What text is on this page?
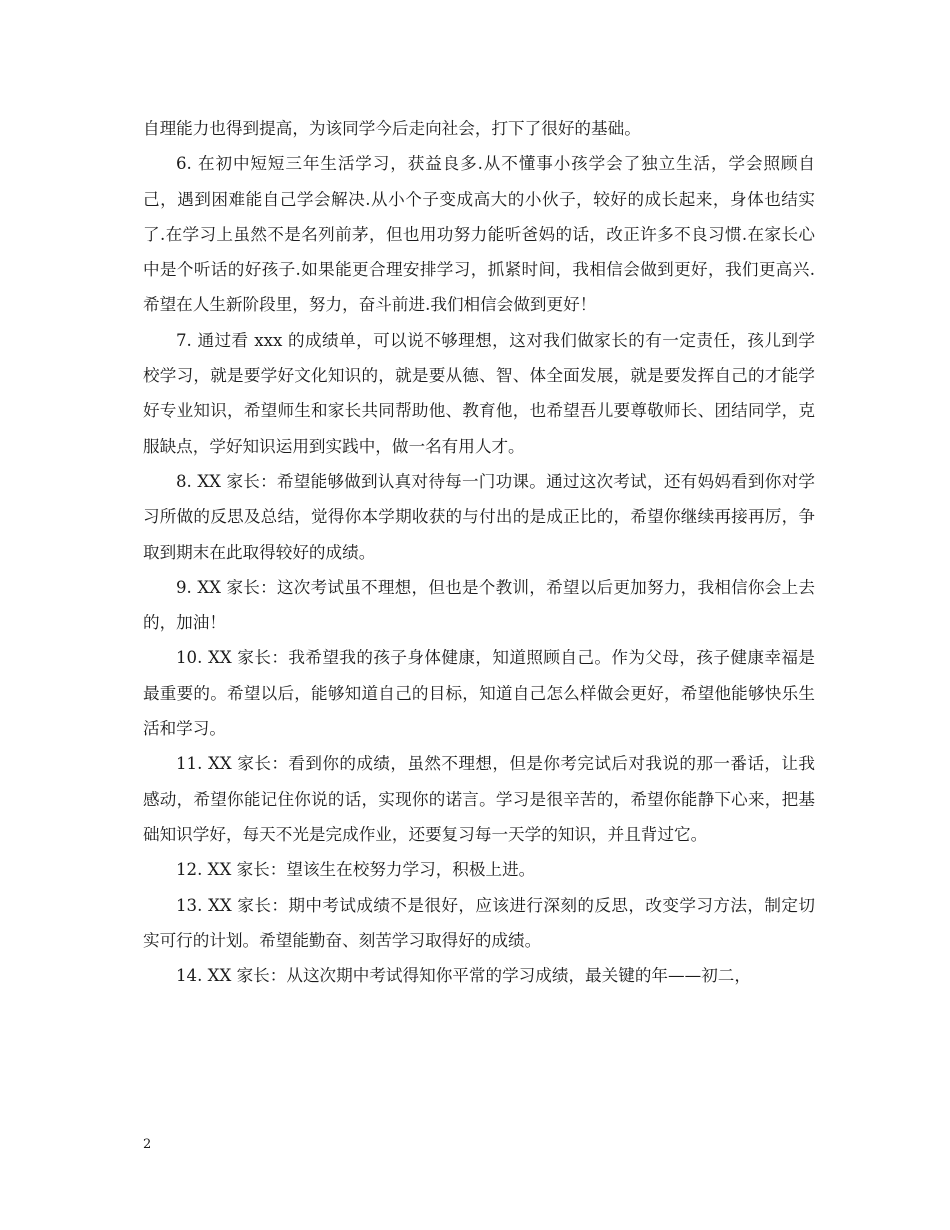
自理能力也得到提高，为该同学今后走向社会，打下了很好的基础。

6. 在初中短短三年生活学习，获益良多.从不懂事小孩学会了独立生活，学会照顾自己，遇到困难能自己学会解决.从小个子变成高大的小伙子，较好的成长起来，身体也结实了.在学习上虽然不是名列前茅，但也用功努力能听爸妈的话，改正许多不良习惯.在家长心中是个听话的好孩子.如果能更合理安排学习，抓紧时间，我相信会做到更好，我们更高兴.希望在人生新阶段里，努力，奋斗前进.我们相信会做到更好！

7. 通过看 xxx 的成绩单，可以说不够理想，这对我们做家长的有一定责任，孩儿到学校学习，就是要学好文化知识的，就是要从德、智、体全面发展，就是要发挥自己的才能学好专业知识，希望师生和家长共同帮助他、教育他，也希望吾儿要尊敬师长、团结同学，克服缺点，学好知识运用到实践中，做一名有用人才。

8. XX 家长：希望能够做到认真对待每一门功课。通过这次考试，还有妈妈看到你对学习所做的反思及总结，觉得你本学期收获的与付出的是成正比的，希望你继续再接再厉，争取到期末在此取得较好的成绩。

9. XX 家长：这次考试虽不理想，但也是个教训，希望以后更加努力，我相信你会上去的，加油！

10. XX 家长：我希望我的孩子身体健康，知道照顾自己。作为父母，孩子健康幸福是最重要的。希望以后，能够知道自己的目标，知道自己怎么样做会更好，希望他能够快乐生活和学习。

11. XX 家长：看到你的成绩，虽然不理想，但是你考完试后对我说的那一番话，让我感动，希望你能记住你说的话，实现你的诺言。学习是很辛苦的，希望你能静下心来，把基础知识学好，每天不光是完成作业，还要复习每一天学的知识，并且背过它。

12. XX 家长：望该生在校努力学习，积极上进。

13. XX 家长：期中考试成绩不是很好，应该进行深刻的反思，改变学习方法，制定切实可行的计划。希望能勤奋、刻苦学习取得好的成绩。

14. XX 家长：从这次期中考试得知你平常的学习成绩，最关键的年——初二，

2
